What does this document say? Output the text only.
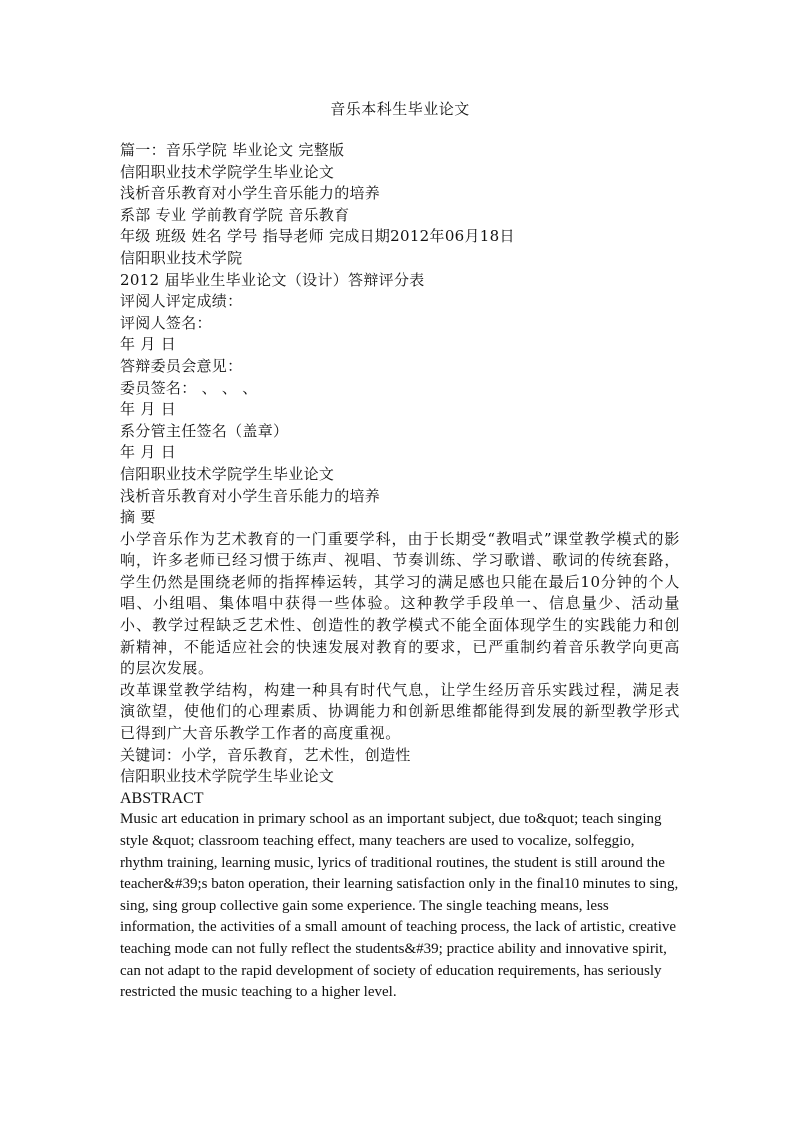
音乐本科生毕业论文
篇一：音乐学院 毕业论文 完整版
信阳职业技术学院学生毕业论文
浅析音乐教育对小学生音乐能力的培养
系部 专业 学前教育学院 音乐教育
年级 班级 姓名 学号 指导老师 完成日期2012年06月18日
信阳职业技术学院
2012 届毕业生毕业论文（设计）答辩评分表
评阅人评定成绩：
评阅人签名：
年 月 日
答辩委员会意见：
委员签名： 、 、 、
年 月 日
系分管主任签名（盖章）
年 月 日
信阳职业技术学院学生毕业论文
浅析音乐教育对小学生音乐能力的培养
摘 要
小学音乐作为艺术教育的一门重要学科，由于长期受“教唱式”课堂教学模式的影响，许多老师已经习惯于练声、视唱、节奏训练、学习歌谱、歌词的传统套路，学生仍然是围绕老师的指挥棒运转，其学习的满足感也只能在最后10分钟的个人唱、小组唱、集体唱中获得一些体验。这种教学手段单一、信息量少、活动量小、教学过程缺乏艺术性、创造性的教学模式不能全面体现学生的实践能力和创新精神，不能适应社会的快速发展对教育的要求，已严重制约着音乐教学向更高的层次发展。
改革课堂教学结构，构建一种具有时代气息，让学生经历音乐实践过程，满足表演欲望，使他们的心理素质、协调能力和创新思维都能得到发展的新型教学形式已得到广大音乐教学工作者的高度重视。
关键词：小学，音乐教育，艺术性，创造性
信阳职业技术学院学生毕业论文
ABSTRACT
Music art education in primary school as an important subject, due to&quot; teach singing style &quot; classroom teaching effect, many teachers are used to vocalize, solfeggio, rhythm training, learning music, lyrics of traditional routines, the student is still around the teacher&#39;s baton operation, their learning satisfaction only in the final10 minutes to sing, sing, sing group collective gain some experience. The single teaching means, less information, the activities of a small amount of teaching process, the lack of artistic, creative teaching mode can not fully reflect the students&#39; practice ability and innovative spirit, can not adapt to the rapid development of society of education requirements, has seriously restricted the music teaching to a higher level.
